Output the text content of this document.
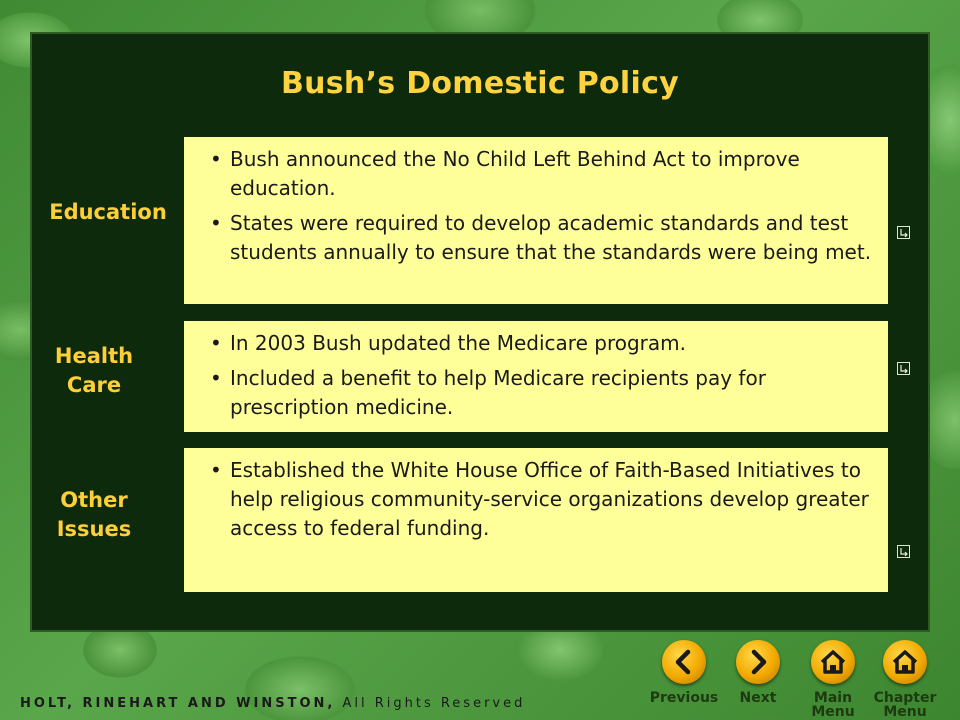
Bush’s Domestic Policy
Education
• Bush announced the No Child Left Behind Act to improve education.
• States were required to develop academic standards and test students annually to ensure that the standards were being met.
Health
Care
• In 2003 Bush updated the Medicare program.
• Included a benefit to help Medicare recipients pay for prescription medicine.
Other
Issues
• Established the White House Office of Faith-Based Initiatives to help religious community-service organizations develop greater access to federal funding.
HOLT, RINEHART AND WINSTON, All Rights Reserved	Previous	Next	Main
Menu
Chapter
Menu
